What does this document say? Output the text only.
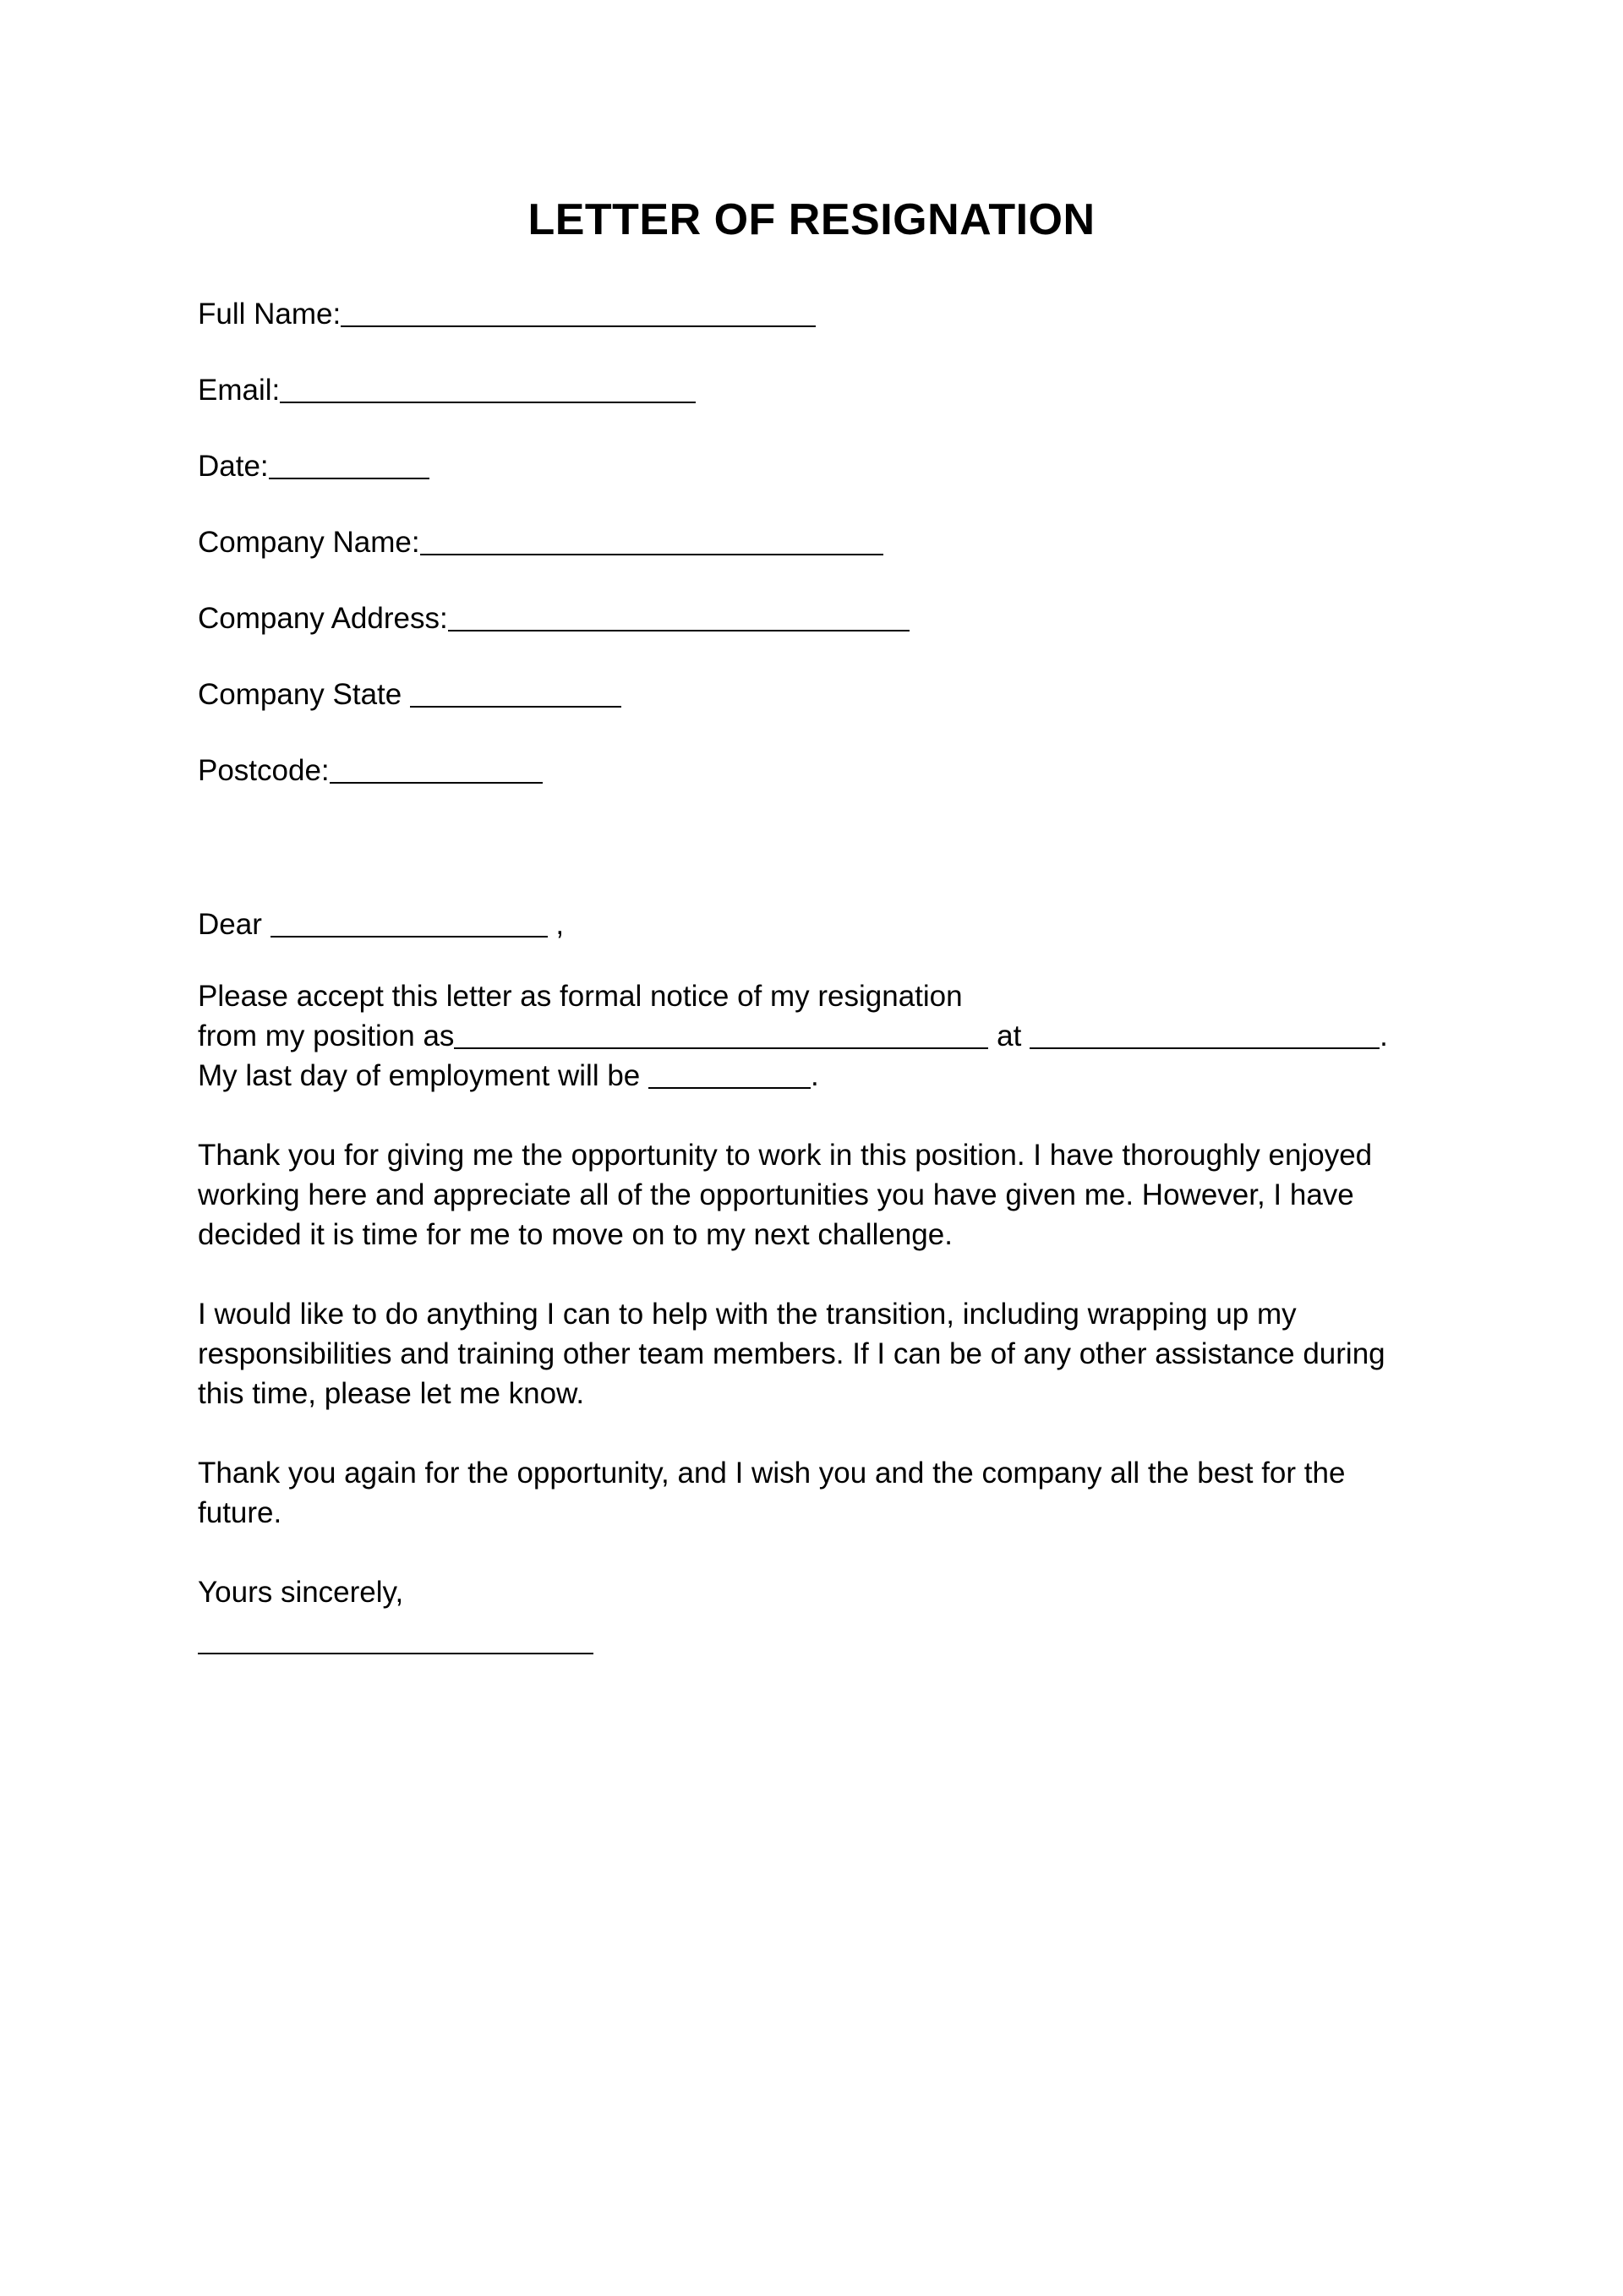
LETTER OF RESIGNATION
Full Name:
Email:
Date:
Company Name:
Company Address:
Company State
Postcode:
Dear	,
Please accept this letter as formal notice of my resignation
from my position as	at	.
My last day of employment will be	.
Thank you for giving me the opportunity to work in this position. I have thoroughly enjoyed
working here and appreciate all of the opportunities you have given me. However, I have
decided it is time for me to move on to my next challenge.
I would like to do anything I can to help with the transition, including wrapping up my
responsibilities and training other team members. If I can be of any other assistance during
this time, please let me know.
Thank you again for the opportunity, and I wish you and the company all the best for the
future.
Yours sincerely,
